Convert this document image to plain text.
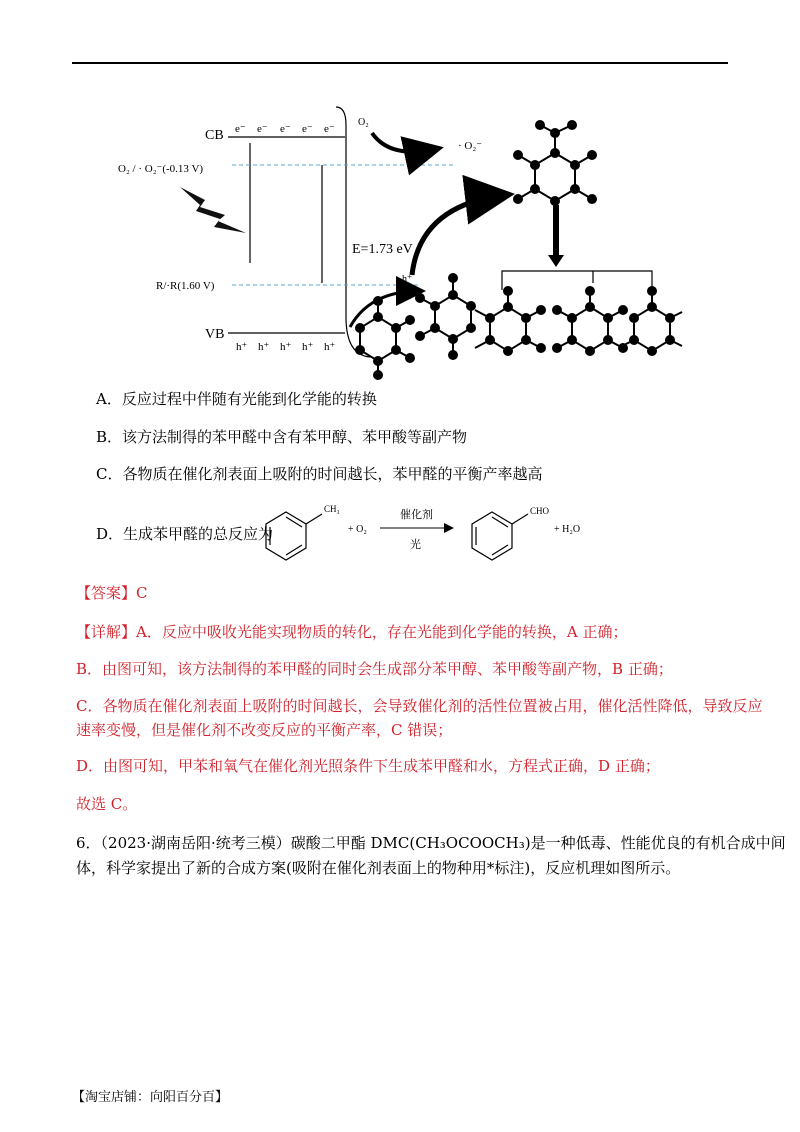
CB
VB
e⁻ e⁻ e⁻ e⁻ e⁻
h⁺ h⁺ h⁺ h⁺ h⁺
O₂ / · O₂⁻(-0.13 V)
R/·R(1.60 V)
E=1.73 eV
O₂
C	· O₂⁻
O₂
h⁺
A．反应过程中伴随有光能到化学能的转换
B．该方法制得的苯甲醛中含有苯甲醇、苯甲酸等副产物
C．各物质在催化剂表面上吸附的时间越长，苯甲醛的平衡产率越高
D．生成苯甲醛的总反应为
CH₃
+ O₂
催化剂
光
CHO
+ H₂O
【答案】C
【详解】A．反应中吸收光能实现物质的转化，存在光能到化学能的转换，A 正确；
B．由图可知，该方法制得的苯甲醛的同时会生成部分苯甲醇、苯甲酸等副产物，B 正确；
C．各物质在催化剂表面上吸附的时间越长，会导致催化剂的活性位置被占用，催化活性降低，导致反应
速率变慢，但是催化剂不改变反应的平衡产率，C 错误；
D．由图可知，甲苯和氧气在催化剂光照条件下生成苯甲醛和水，方程式正确，D 正确；
故选 C。
6．（2023·湖南岳阳·统考三模）碳酸二甲酯 DMC(CH₃OCOOCH₃)是一种低毒、性能优良的有机合成中间
体，科学家提出了新的合成方案(吸附在催化剂表面上的物种用*标注)，反应机理如图所示。
【淘宝店铺：向阳百分百】
